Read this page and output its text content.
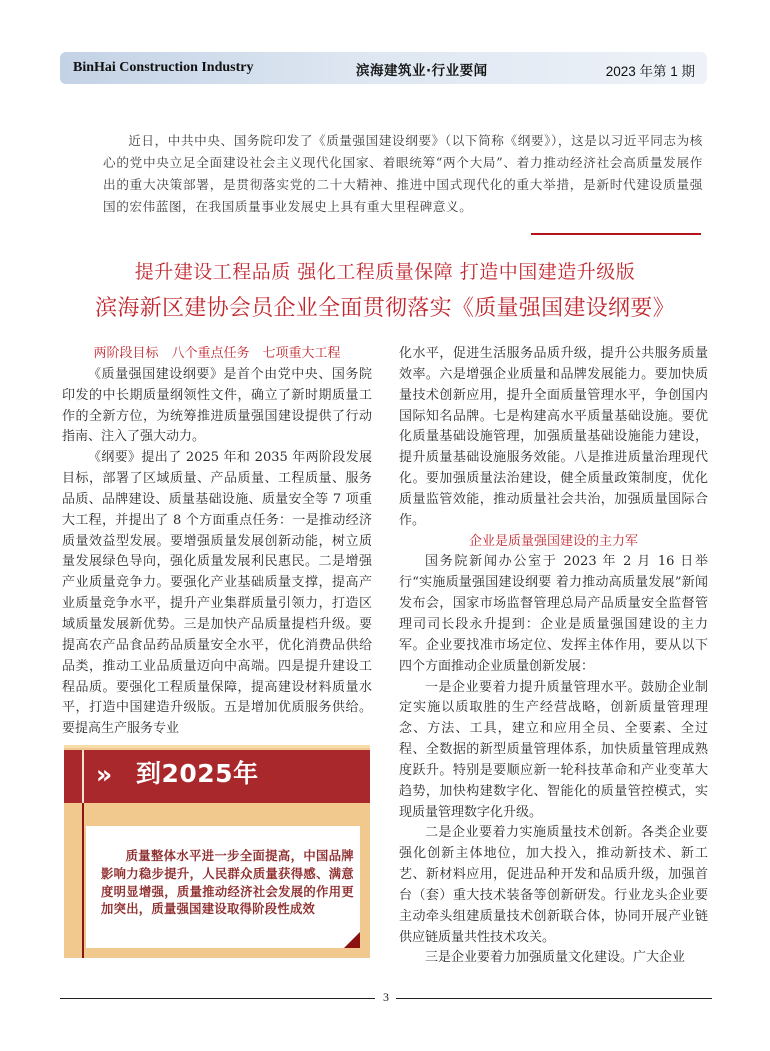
BinHai Construction Industry	滨海建筑业·行业要闻	2023 年第 1 期
近日，中共中央、国务院印发了《质量强国建设纲要》（以下简称《纲要》），这是以习近平同志为核心的党中央立足全面建设社会主义现代化国家、着眼统筹“两个大局”、着力推动经济社会高质量发展作出的重大决策部署，是贯彻落实党的二十大精神、推进中国式现代化的重大举措，是新时代建设质量强国的宏伟蓝图，在我国质量事业发展史上具有重大里程碑意义。
提升建设工程品质 强化工程质量保障 打造中国建造升级版
滨海新区建协会员企业全面贯彻落实《质量强国建设纲要》

两阶段目标　八个重点任务　七项重大工程

《质量强国建设纲要》是首个由党中央、国务院印发的中长期质量纲领性文件，确立了新时期质量工作的全新方位，为统筹推进质量强国建设提供了行动指南、注入了强大动力。

《纲要》提出了 2025 年和 2035 年两阶段发展目标，部署了区域质量、产品质量、工程质量、服务品质、品牌建设、质量基础设施、质量安全等 7 项重大工程，并提出了 8 个方面重点任务：一是推动经济质量效益型发展。要增强质量发展创新动能，树立质量发展绿色导向，强化质量发展利民惠民。二是增强产业质量竞争力。要强化产业基础质量支撑，提高产业质量竞争水平，提升产业集群质量引领力，打造区域质量发展新优势。三是加快产品质量提档升级。要提高农产品食品药品质量安全水平，优化消费品供给品类，推动工业品质量迈向中高端。四是提升建设工程品质。要强化工程质量保障，提高建设材料质量水平，打造中国建造升级版。五是增加优质服务供给。要提高生产服务专业

» 到2025年
质量整体水平进一步全面提高，中国品牌影响力稳步提升，人民群众质量获得感、满意度明显增强，质量推动经济社会发展的作用更加突出，质量强国建设取得阶段性成效

化水平，促进生活服务品质升级，提升公共服务质量效率。六是增强企业质量和品牌发展能力。要加快质量技术创新应用，提升全面质量管理水平，争创国内国际知名品牌。七是构建高水平质量基础设施。要优化质量基础设施管理，加强质量基础设施能力建设，提升质量基础设施服务效能。八是推进质量治理现代化。要加强质量法治建设，健全质量政策制度，优化质量监管效能，推动质量社会共治，加强质量国际合作。

企业是质量强国建设的主力军

国务院新闻办公室于 2023 年 2 月 16 日举行“实施质量强国建设纲要 着力推动高质量发展”新闻发布会，国家市场监督管理总局产品质量安全监督管理司司长段永升提到：企业是质量强国建设的主力军。企业要找准市场定位、发挥主体作用，要从以下四个方面推动企业质量创新发展：

一是企业要着力提升质量管理水平。鼓励企业制定实施以质取胜的生产经营战略，创新质量管理理念、方法、工具，建立和应用全员、全要素、全过程、全数据的新型质量管理体系，加快质量管理成熟度跃升。特别是要顺应新一轮科技革命和产业变革大趋势，加快构建数字化、智能化的质量管控模式，实现质量管理数字化升级。

二是企业要着力实施质量技术创新。各类企业要强化创新主体地位，加大投入，推动新技术、新工艺、新材料应用，促进品种开发和品质升级，加强首台（套）重大技术装备等创新研发。行业龙头企业要主动牵头组建质量技术创新联合体，协同开展产业链供应链质量共性技术攻关。

三是企业要着力加强质量文化建设。广大企业

3
